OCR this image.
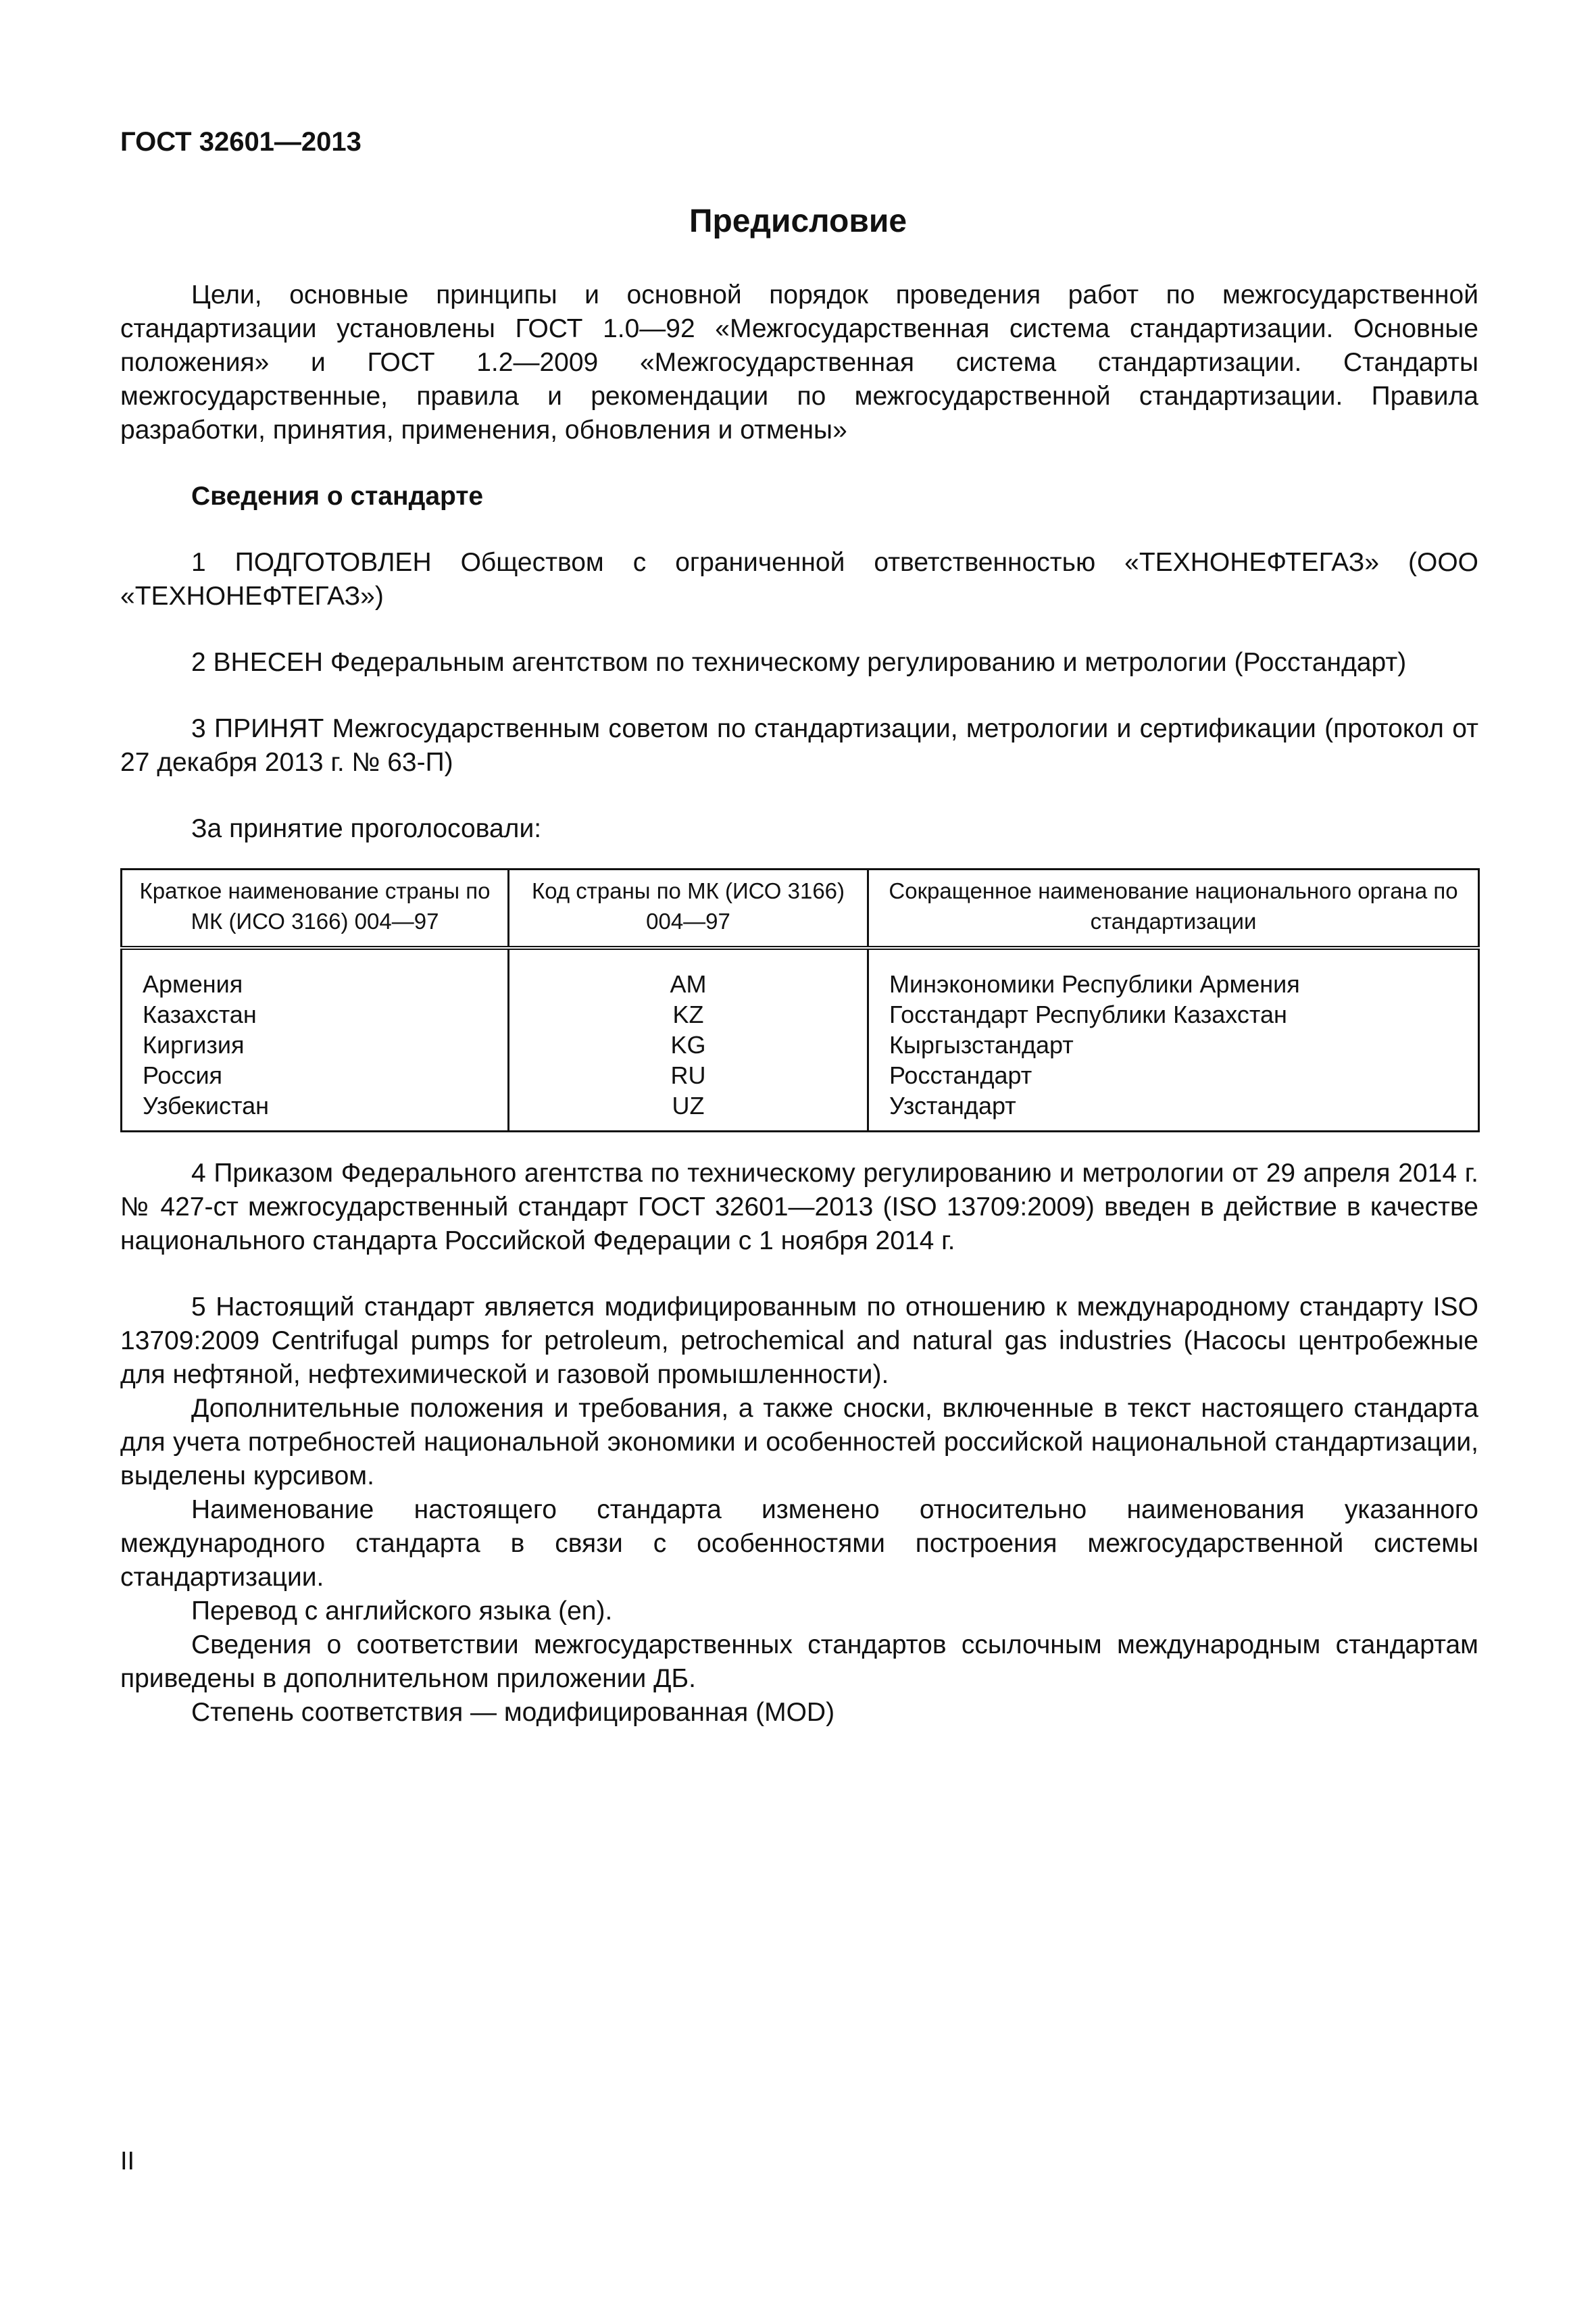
ГОСТ 32601—2013
Предисловие

Цели, основные принципы и основной порядок проведения работ по межгосударственной стандартизации установлены ГОСТ 1.0—92 «Межгосударственная система стандартизации. Основные положения» и ГОСТ 1.2—2009 «Межгосударственная система стандартизации. Стандарты межгосударственные, правила и рекомендации по межгосударственной стандартизации. Правила разработки, принятия, применения, обновления и отмены»

Сведения о стандарте

1 ПОДГОТОВЛЕН Обществом с ограниченной ответственностью «ТЕХНОНЕФТЕГАЗ» (ООО «ТЕХНОНЕФТЕГАЗ»)

2 ВНЕСЕН Федеральным агентством по техническому регулированию и метрологии (Росстандарт)

3 ПРИНЯТ Межгосударственным советом по стандартизации, метрологии и сертификации (протокол от 27 декабря 2013 г. № 63-П)

За принятие проголосовали:

Краткое наименование страны по МК (ИСО 3166) 004—97	Код страны по МК (ИСО 3166) 004—97	Сокращенное наименование национального органа по стандартизации
Армения	AM	Минэкономики Республики Армения
Казахстан	KZ	Госстандарт Республики Казахстан
Киргизия	KG	Кыргызстандарт
Россия	RU	Росстандарт
Узбекистан	UZ	Узстандарт

4 Приказом Федерального агентства по техническому регулированию и метрологии от 29 апреля 2014 г. № 427-ст межгосударственный стандарт ГОСТ 32601—2013 (ISO 13709:2009) введен в действие в качестве национального стандарта Российской Федерации с 1 ноября 2014 г.

5 Настоящий стандарт является модифицированным по отношению к международному стандарту ISO 13709:2009 Centrifugal pumps for petroleum, petrochemical and natural gas industries (Насосы центробежные для нефтяной, нефтехимической и газовой промышленности).

Дополнительные положения и требования, а также сноски, включенные в текст настоящего стандарта для учета потребностей национальной экономики и особенностей российской национальной стандартизации, выделены курсивом.

Наименование настоящего стандарта изменено относительно наименования указанного международного стандарта в связи с особенностями построения межгосударственной системы стандартизации.

Перевод с английского языка (en).

Сведения о соответствии межгосударственных стандартов ссылочным международным стандартам приведены в дополнительном приложении ДБ.

Степень соответствия — модифицированная (MOD)

II
